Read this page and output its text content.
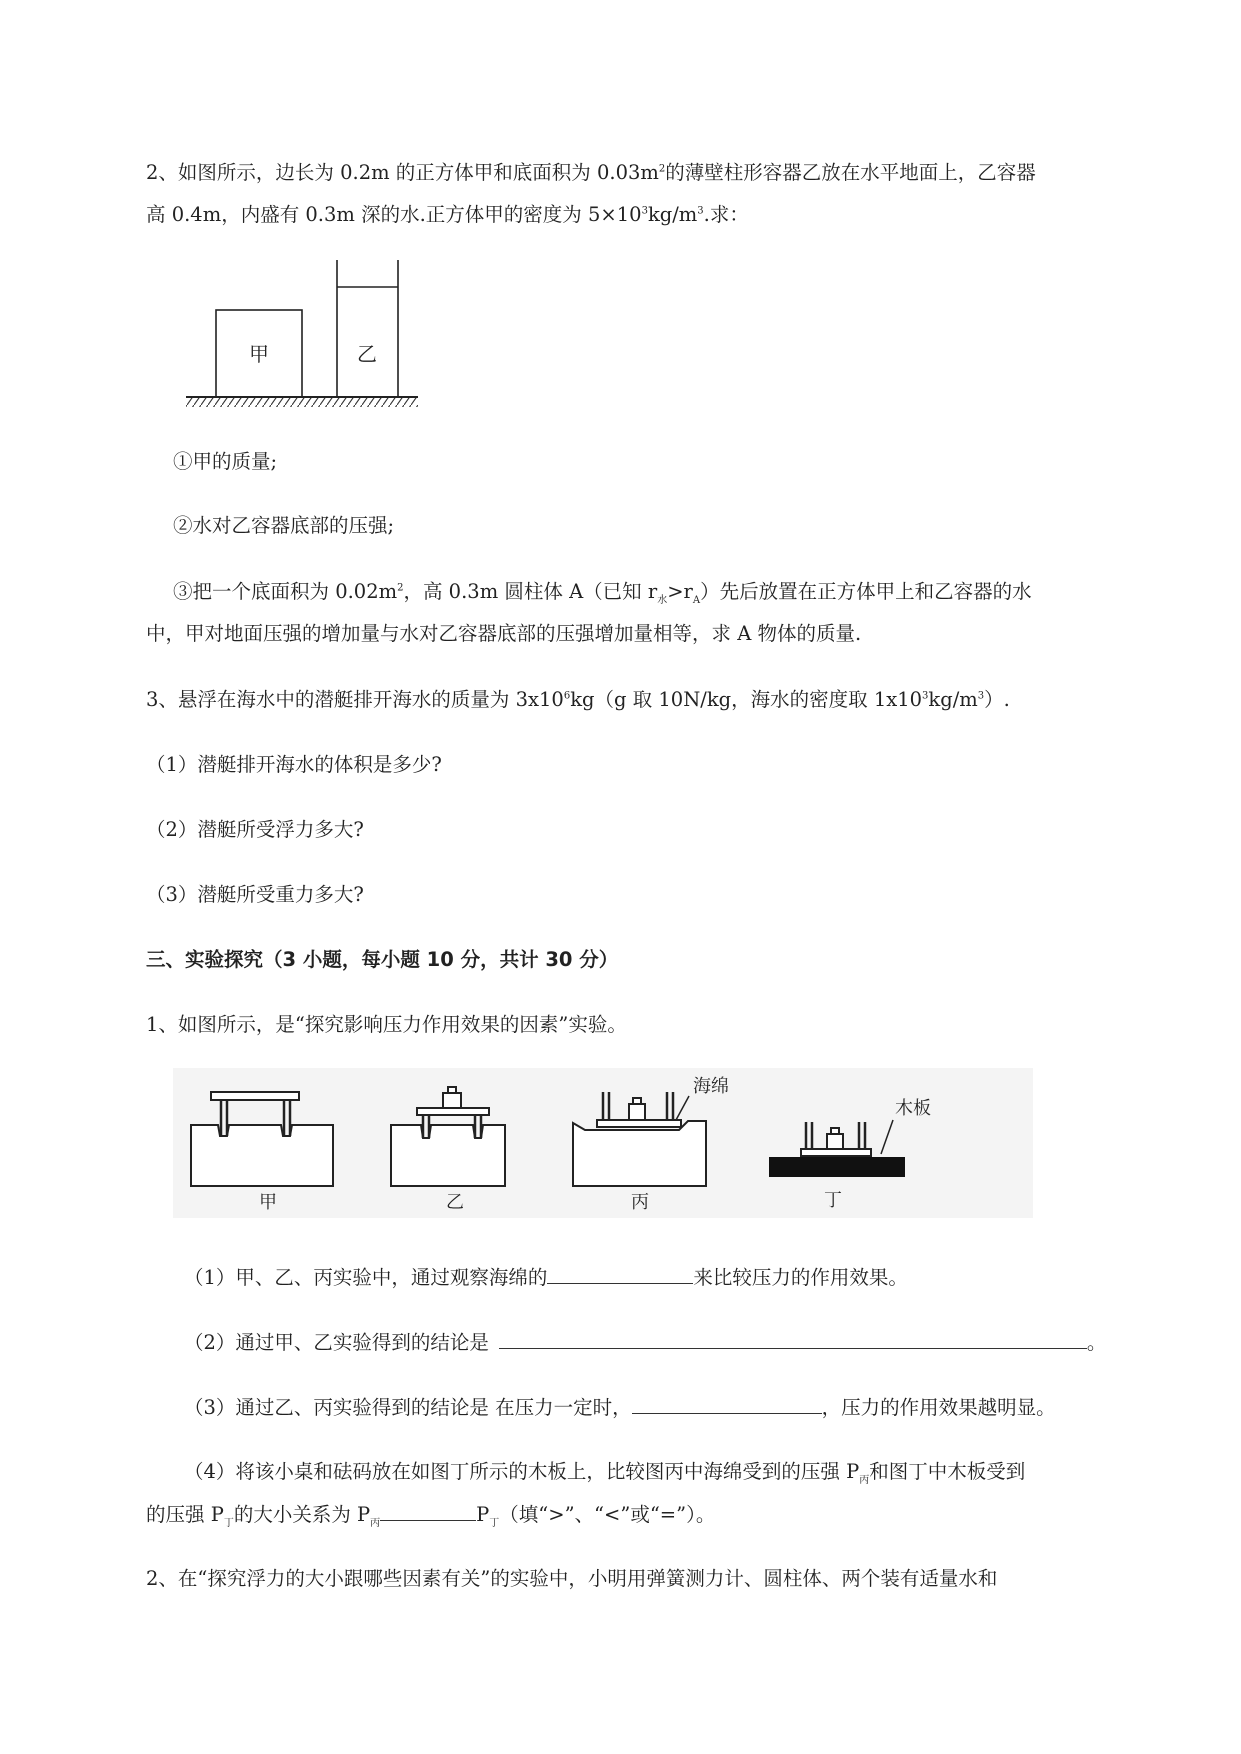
2、如图所示，边长为 0.2m 的正方体甲和底面积为 $0.03m^2$的薄壁柱形容器乙放在水平地面上，乙容器
高 0.4m，内盛有 0.3m 深的水.正方体甲的密度为 $5\times 10^3kg/m^3$.求：
甲	乙
①甲的质量;
②水对乙容器底部的压强;
③把一个底面积为 $0.02m^2$，高 0.3m 圆柱体 A（已知 $r_水>r_A$）先后放置在正方体甲上和乙容器的水
中，甲对地面压强的增加量与水对乙容器底部的压强增加量相等，求 A 物体的质量.
3、悬浮在海水中的潜艇排开海水的质量为 $3x10^6kg(g$ 取 10N/kg，海水的密度取 $1x10^3kg/m^3$）.
（1）潜艇排开海水的体积是多少?
（2）潜艇所受浮力多大?
（3）潜艇所受重力多大?
三、实验探究（3 小题，每小题 10 分，共计 30 分）
1、如图所示，是“探究影响压力作用效果的因素”实验。
甲	乙
海绵
丙
木板
丁
（1）甲、乙、丙实验中，通过观察海绵的	来比较压力的作用效果。
（2）通过甲、乙实验得到的结论是	。
（3）通过乙、丙实验得到的结论是 在压力一定时，	，压力的作用效果越明显。
（4）将该小桌和砝码放在如图丁所示的木板上，比较图丙中海绵受到的压强 $P_丙$和图丁中木板受到
的压强 $P_丁$的大小关系为 $P_丙$	$P_丁$（填“>”、“<”或“=”）。
2、在“探究浮力的大小跟哪些因素有关”的实验中，小明用弹簧测力计、圆柱体、两个装有适量水和
